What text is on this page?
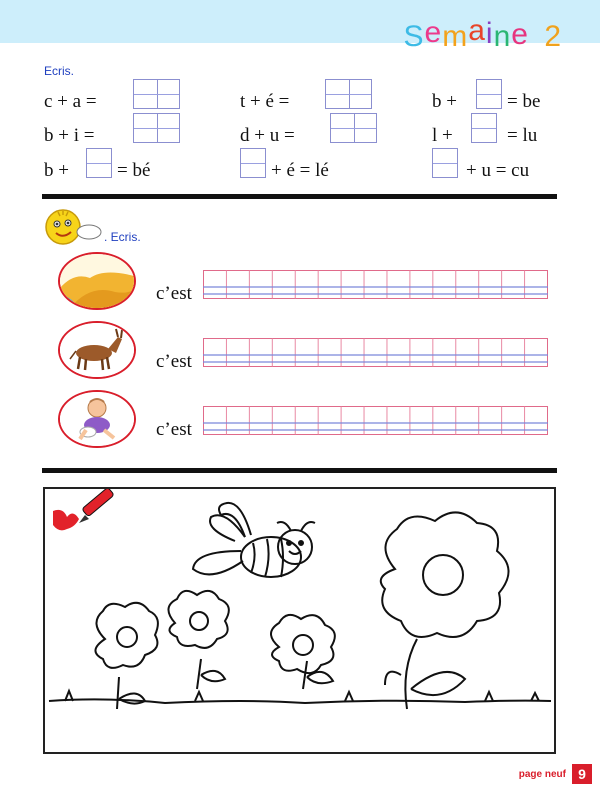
Semaine 2
Ecris.
c + a =	t + é =	b +	= be
b + i =	d + u =	l +	= lu
b +	= bé	+ é = lé	+ u = cu
. Ecris.
c’est
c’est
c’est
page neuf 9
